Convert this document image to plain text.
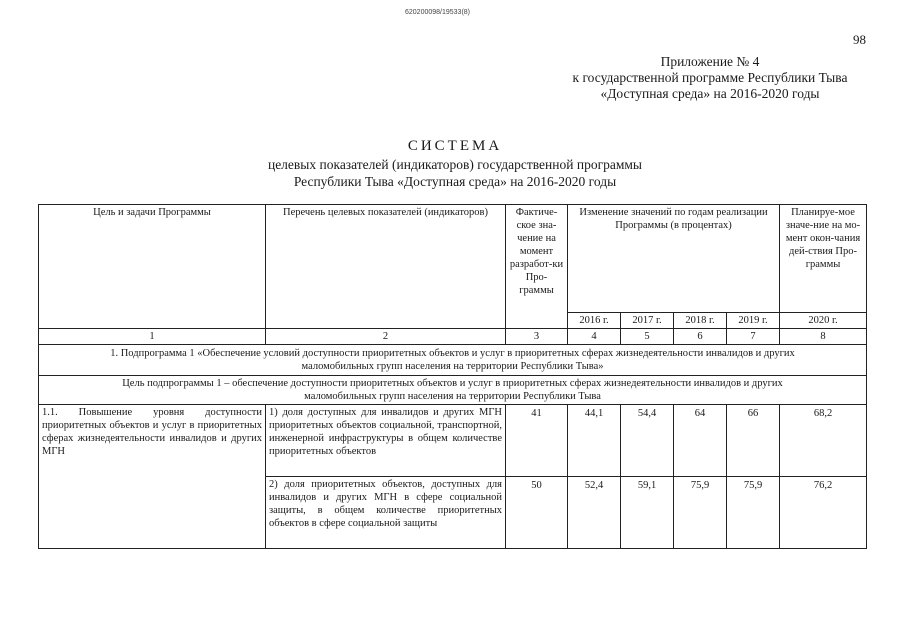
620200098/19533(8)
98
Приложение № 4
к государственной программе Республики Тыва
«Доступная среда» на 2016-2020 годы
СИСТЕМА
целевых показателей (индикаторов) государственной программы
Республики Тыва «Доступная среда» на 2016-2020 годы
Цель и задачи Программы	Перечень целевых показателей (индикаторов)	Фактиче-ское зна-чение на момент разработ-ки Про-граммы	Изменение значений по годам реализации Программы (в процентах)				Планируе-мое значе-ние на мо-мент окон-чания дей-ствия Про-граммы
			2016 г.	2017 г.	2018 г.	2019 г.	2020 г.
1	2	3	4	5	6	7	8
1. Подпрограмма 1 «Обеспечение условий доступности приоритетных объектов и услуг в приоритетных сферах жизнедеятельности инвалидов и других маломобильных групп населения на территории Республики Тыва»							
Цель подпрограммы 1 – обеспечение доступности приоритетных объектов и услуг в приоритетных сферах жизнедеятельности инвалидов и других маломобильных групп населения на территории Республики Тыва							
1.1. Повышение уровня доступности приоритетных объектов и услуг в приоритетных сферах жизнедеятельности инвалидов и других МГН	1) доля доступных для инвалидов и других МГН приоритетных объектов социальной, транспортной, инженерной инфраструктуры в общем количестве приоритетных объектов	41	44,1	54,4	64	66	68,2
	2) доля приоритетных объектов, доступных для инвалидов и других МГН в сфере социальной защиты, в общем количестве приоритетных объектов в сфере социальной защиты	50	52,4	59,1	75,9	75,9	76,2
